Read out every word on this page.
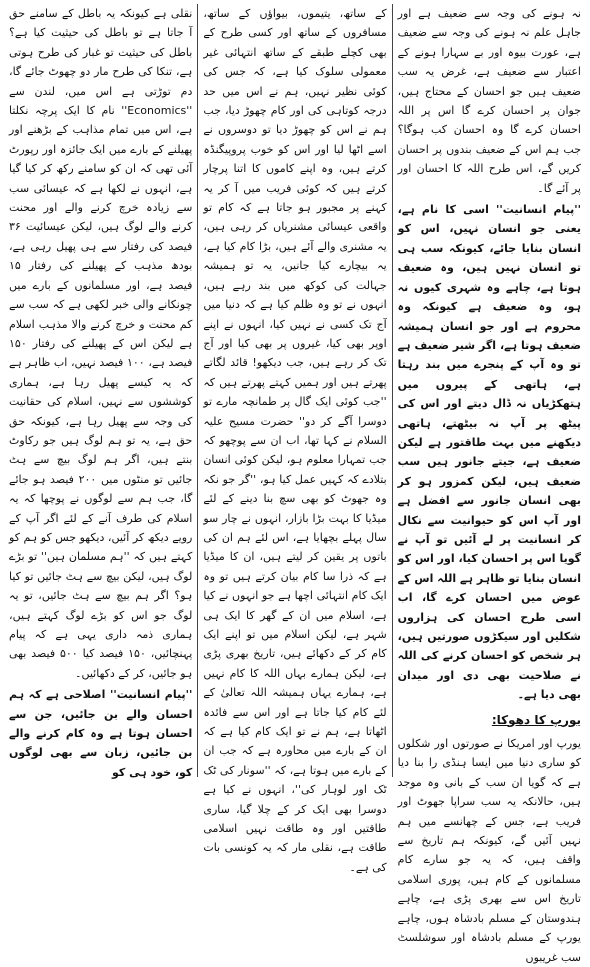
نہ ہونے کی وجہ سے ضعیف ہے اور جاہل علم نہ ہونے کی وجہ سے ضعیف ہے، عورت بیوہ اور بے سہارا ہونے کے اعتبار سے ضعیف ہے، غرض یہ سب ضعیف ہیں جو احسان کے محتاج ہیں، جوان پر احسان کرے گا اس پر اللہ احسان کرے گا وہ احسان کب ہوگا؟ جب ہم اس کے ضعیف بندوں پر احسان کریں گے، اس طرح اللہ کا احسان اور پر آئے گا۔

''پیام انسانیت'' اسی کا نام ہے، یعنی جو انسان نہیں، اس کو انسان بنایا جائے، کیونکہ سب ہی تو انسان نہیں ہیں، وہ ضعیف ہوتا ہے، چاہے وہ شہری کیوں نہ ہو، وہ ضعیف ہے کیونکہ وہ محروم ہے اور جو انسان ہمیشہ ضعیف ہوتا ہے، اگر شیر ضعیف ہے تو وہ آپ کے پنجرے میں بند رہتا ہے، ہاتھی کے پیروں میں ہتھکڑیاں نہ ڈال دیتے اور اس کی پیٹھ پر آپ نہ بیٹھتے، ہاتھی دیکھنے میں بہت طاقتور ہے لیکن ضعیف ہے، جیتے جانور ہیں سب ضعیف ہیں، لیکن کمزور ہو کر بھی انسان جانور سے افضل ہے اور آپ اس کو حیوانیت سے نکال کر انسانیت پر لے آئیں تو آپ نے گویا اس پر احسان کیا، اور اس کو انسان بنایا تو ظاہر ہے اللہ اس کے عوض میں احسان کرے گا، اب اسی طرح احسان کی ہزاروں شکلیں اور سیکڑوں صورتیں ہیں، ہر شخص کو احسان کرنے کی اللہ نے صلاحیت بھی دی اور میدان بھی دیا ہے۔

یورپ کا دھوکا:

یورپ اور امریکا نے صورتوں اور شکلوں کو ساری دنیا میں ایسا ہنڈی را بنا دیا ہے کہ گویا ان سب کے بانی وہ موجد ہیں، حالانکہ یہ سب سراپا جھوٹ اور فریب ہے، جس کے چھانسے میں ہم نہیں آئیں گے، کیونکہ ہم تاریخ سے واقف ہیں، کہ یہ جو سارے کام مسلمانوں کے کام ہیں، پوری اسلامی تاریخ اس سے بھری پڑی ہے، چاہے ہندوستان کے مسلم بادشاہ ہوں، چاہے یورپ کے مسلم بادشاہ اور سوشلسٹ سب غریبوں

کے ساتھ، یتیموں، بیواؤں کے ساتھ، مسافروں کے ساتھ اور کسی طرح کے بھی کچلے طبقے کے ساتھ انتہائی غیر معمولی سلوک کیا ہے، کہ جس کی کوئی نظیر نہیں، ہم نے اس میں حد درجہ کوتاہی کی اور کام چھوڑ دیا، جب ہم نے اس کو چھوڑ دیا تو دوسروں نے اسے اٹھا لیا اور اس کو خوب پروپیگنڈہ کرتے ہیں، وہ اپنے کاموں کا اتنا پرچار کرتے ہیں کہ کوئی فریب میں آ کر یہ کہنے پر مجبور ہو جاتا ہے کہ کام تو واقعی عیسائی مشنریاں کر رہی ہیں، یہ مشنری والے آئے ہیں، بڑا کام کیا ہے، یہ بیچارے کیا جانیں، یہ تو ہمیشہ جہالت کی کوکھ میں بند رہے ہیں، انہوں نے تو وہ ظلم کیا ہے کہ دنیا میں آج تک کسی نے نہیں کیا، انہوں نے اپنے اوپر بھی کیا، غیروں پر بھی کیا اور آج تک کر رہے ہیں، جب دیکھو! قائد لگاتے پھرتے ہیں اور ہمیں کہتے پھرتے ہیں کہ ''جب کوئی ایک گال پر طمانچہ مارے تو دوسرا آگے کر دو'' حضرت مسیح علیہ السلام نے کہا تھا، اب ان سے پوچھو کہ جب تمہارا معلوم ہو، لیکن کوئی انسان بتلادے کہ کہیں عمل کیا ہو، ''گر جو نکہ وہ جھوٹ کو بھی سچ بنا دینے کے لئے میڈیا کا بہت بڑا بازار، انہوں نے چار سو سال پہلے بچھایا ہے، اس لئے ہم ان کی باتوں پر یقین کر لیتے ہیں، ان کا میڈیا ہے کہ ذرا سا کام بیان کرتے ہیں تو وہ ایک کام انتہائی اچھا ہے جو انہوں نے کیا ہے، اسلام میں ان کے گھر کا ایک ہی شہر ہے، لیکن اسلام میں تو اپنے ایک کام کر کے دکھائے ہیں، تاریخ بھری پڑی ہے، لیکن ہمارے بہاں اللہ کا کام نہیں ہے، ہمارے یہاں ہمیشہ اللہ تعالیٰ کے لئے کام کیا جاتا ہے اور اس سے فائدہ اٹھاتا ہے، ہم نے تو ایک کام کیا ہے کہ ان کے بارے میں محاورہ ہے کہ جب ان کے بارے میں ہوتا ہے، کہ ''سونار کی ٹک ٹک اور لوہار کی''، انہوں نے کیا ہے دوسرا بھی ایک کر کے چلا گیا، ساری طاقتیں اور وہ طاقت نہیں اسلامی طاقت ہے، نقلی مار کہ یہ کونسی بات کی ہے۔

نقلی ہے کیونکہ یہ باطل کے سامنے حق آ جاتا ہے تو باطل کی حیثیت کیا ہے؟ باطل کی حیثیت تو غبار کی طرح ہوتی ہے، تنکا کی طرح مار دو چھوٹ جائے گا، دم توڑتی ہے اس میں، لندن سے ''Economics'' نام کا ایک پرچہ نکلتا ہے، اس میں تمام مذاہب کے بڑھنے اور پھیلنے کے بارے میں ایک جائزہ اور رپورٹ آئی تھی کہ ان کو سامنے رکھ کر کیا گیا ہے، انہوں نے لکھا ہے کہ عیسائی سب سے زیادہ خرچ کرنے والے اور محنت کرنے والے لوگ ہیں، لیکن عیسائیت ۳۶ فیصد کی رفتار سے ہی پھیل رہی ہے، بودھ مذہب کے پھیلنے کی رفتار ۱۵ فیصد ہے، اور مسلمانوں کے بارے میں چونکانے والی خبر لکھی ہے کہ سب سے کم محنت و خرچ کرنے والا مذہب اسلام ہے لیکن اس کے پھیلنے کی رفتار ۱۵۰ فیصد ہے، ۱۰۰ فیصد نہیں، اب ظاہر ہے کہ یہ کیسے پھیل رہا ہے، ہماری کوششوں سے نہیں، اسلام کی حقانیت کی وجہ سے پھیل رہا ہے، کیونکہ حق حق ہے، یہ تو ہم لوگ ہیں جو رکاوٹ بنتے ہیں، اگر ہم لوگ بیچ سے ہٹ جائیں تو منٹوں میں ۲۰۰ فیصد ہو جائے گا، جب ہم سے لوگوں نے پوچھا کہ یہ اسلام کی طرف آنے کے لئے اگر آپ کے رویے دیکھ کر آئیں، دیکھو جس کو ہم کو کہتے ہیں کہ ''ہم مسلمان ہیں'' تو بڑے لوگ ہیں، لیکن بیچ سے ہٹ جائیں تو کیا ہو؟ اگر ہم بیچ سے ہٹ جائیں، تو یہ لوگ جو اس کو بڑے لوگ کہتے ہیں، ہماری ذمہ داری یہی ہے کہ پیام پہنچائیں، ۱۵۰ فیصد کیا ۵۰۰ فیصد بھی ہو جائیں، کر کے دکھائیں۔

''پیام انسانیت'' اصلاحی ہے کہ ہم احسان والے بن جائیں، جن سے احسان ہوتا ہے وہ کام کرنے والے بن جائیں، زبان سے بھی لوگوں کو، خود ہی کو
